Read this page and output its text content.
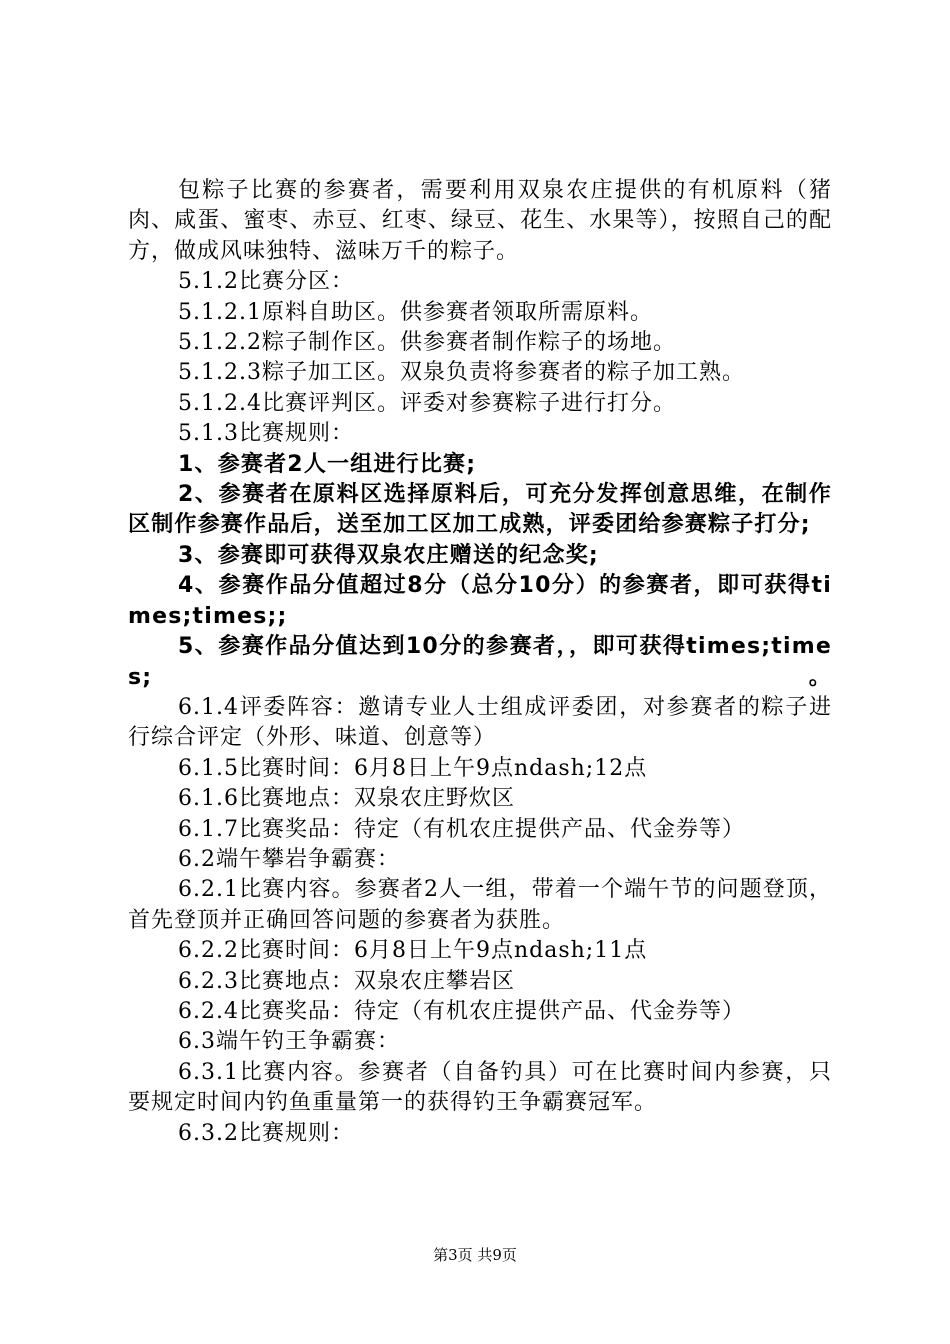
包粽子比赛的参赛者，需要利用双泉农庄提供的有机原料（猪肉、咸蛋、蜜枣、赤豆、红枣、绿豆、花生、水果等），按照自己的配方，做成风味独特、滋味万千的粽子。

5.1.2比赛分区：

5.1.2.1原料自助区。供参赛者领取所需原料。

5.1.2.2粽子制作区。供参赛者制作粽子的场地。

5.1.2.3粽子加工区。双泉负责将参赛者的粽子加工熟。

5.1.2.4比赛评判区。评委对参赛粽子进行打分。

5.1.3比赛规则：

1、参赛者2人一组进行比赛;

2、参赛者在原料区选择原料后，可充分发挥创意思维，在制作区制作参赛作品后，送至加工区加工成熟，评委团给参赛粽子打分;

3、参赛即可获得双泉农庄赠送的纪念奖;

4、参赛作品分值超过8分（总分10分）的参赛者，即可获得times;times;;

5、参赛作品分值达到10分的参赛者，，即可获得times;times;。

6.1.4评委阵容：邀请专业人士组成评委团，对参赛者的粽子进行综合评定（外形、味道、创意等）

6.1.5比赛时间：6月8日上午9点ndash;12点

6.1.6比赛地点：双泉农庄野炊区

6.1.7比赛奖品：待定（有机农庄提供产品、代金券等）

6.2端午攀岩争霸赛：

6.2.1比赛内容。参赛者2人一组，带着一个端午节的问题登顶，首先登顶并正确回答问题的参赛者为获胜。

6.2.2比赛时间：6月8日上午9点ndash;11点

6.2.3比赛地点：双泉农庄攀岩区

6.2.4比赛奖品：待定（有机农庄提供产品、代金券等）

6.3端午钓王争霸赛：

6.3.1比赛内容。参赛者（自备钓具）可在比赛时间内参赛，只要规定时间内钓鱼重量第一的获得钓王争霸赛冠军。

6.3.2比赛规则：

第3页 共9页
